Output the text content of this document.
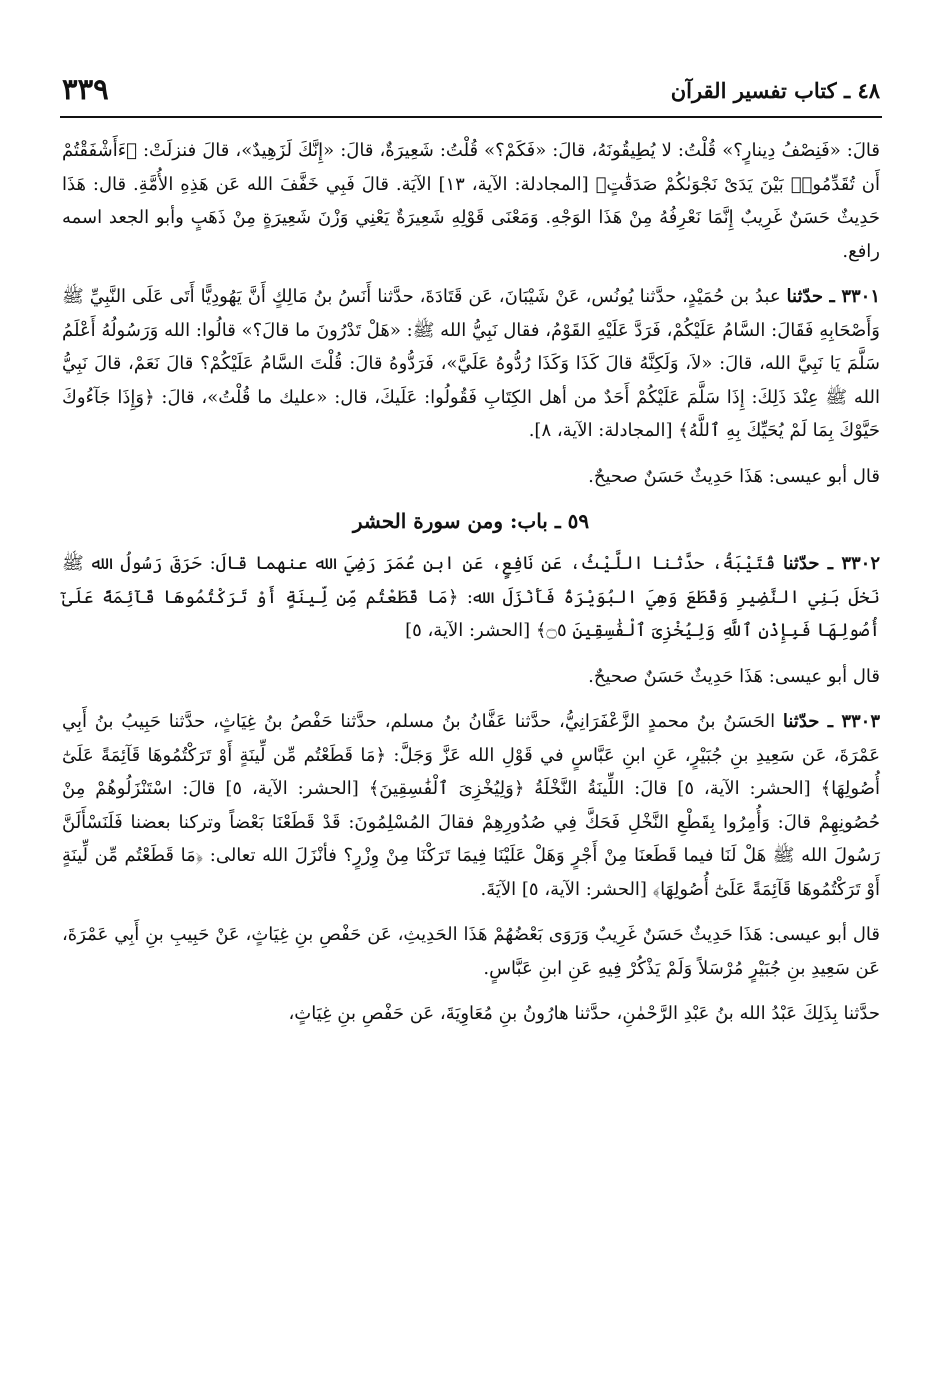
٤٨ ـ كتاب تفسير القرآن
٣٣٩

قالَ: «فَنِصْفُ دِينارٍ؟» قُلْتُ: لا يُطِيقُونَهُ، قالَ: «فَكَمْ؟» قُلْتُ: شَعِيرَةٌ، قالَ: «إِنَّكَ لَزَهِيدٌ»، قالَ فنزلَتْ: ﴿ءَأَشْفَقْتُمْ أَن تُقَدِّمُوا۟ بَيْنَ يَدَىْ نَجْوَىٰكُمْ صَدَقَٰتٍ﴾ [المجادلة: الآية، ١٣] الآيَة. قالَ فَبِي خَفَّفَ الله عَن هَذِهِ الأُمَّةِ. قال: هَذَا حَدِيثٌ حَسَنٌ غَرِيبٌ إِنَّمَا نَعْرِفُهُ مِنْ هَذَا الوَجْهِ. وَمَعْنَى قَوْلِهِ شَعِيرَةٌ يَعْنِي وَزْنَ شَعِيرَةٍ مِنْ ذَهَبٍ وأبو الجعد اسمه رافع.

٣٣٠١ ـ حدّثنا عبدُ بن حُمَيْدٍ، حدَّثنا يُونُس، عَنْ شَيْبَانَ، عَن قَتَادَةَ، حدَّثنا أَنَسُ بنُ مَالِكٍ أَنَّ يَهُودِيًّا أَتَى عَلَى النَّبِيِّ ﷺ وَأَصْحَابِهِ فَقَالَ: السَّامُ عَلَيْكُمْ، فَرَدَّ عَلَيْهِ القَوْمُ، فقال نَبِيُّ الله ﷺ: «هَلْ تَدْرُونَ ما قالَ؟» قالُوا: الله وَرَسُولُهُ أَعْلَمُ سَلَّمَ يَا نَبِيَّ الله، قالَ: «لاَ، وَلَكِنَّهُ قالَ كَذَا وَكَذَا رُدُّوهُ عَلَيَّ»، فَرَدُّوهُ قالَ: قُلْتَ السَّامُ عَلَيْكُمْ؟ قالَ نَعَمْ، قالَ نَبِيُّ الله ﷺ عِنْدَ ذَلِكَ: إِذَا سَلَّمَ عَلَيْكُمْ أَحَدٌ من أهل الكِتَابِ فَقُولُوا: عَلَيكَ، قال: «عليك ما قُلْتُ»، قالَ: ﴿وَإِذَا جَآءُوكَ حَيَّوْكَ بِمَا لَمْ يُحَيِّكَ بِهِ ٱللَّهُ﴾ [المجادلة: الآية، ٨].

قال أبو عيسى: هَذَا حَدِيثٌ حَسَنٌ صحيحٌ.

٥٩ ـ باب: ومن سورة الحشر

٣٣٠٢ ـ حدّثنا قُتَيْبَةُ، حدَّثنا اللَّيْثُ، عَن نَافِعٍ، عَنِ ابنِ عُمَرَ رَضِيَ الله عنهما قالَ: حَرَقَ رَسُولُ الله ﷺ نَخلَ بَنِي النَّضِيرِ وَقَطَعَ وَهِيَ البُوَيْرَةُ فَأَنْزَلَ الله: ﴿مَا قَطَعْتُم مِّن لِّينَةٍ أَوْ تَرَكْتُمُوهَا قَآئِمَةً عَلَىٰٓ أُصُولِهَا فَبِإِذْنِ ٱللَّهِ وَلِيُخْزِىَ ٱلْفَٰسِقِينَ ۝٥﴾ [الحشر: الآية، ٥]

قال أبو عيسى: هَذَا حَدِيثٌ حَسَنٌ صحيحٌ.

٣٣٠٣ ـ حدّثنا الحَسَنُ بنُ محمدٍ الزَّعْفَرَانِيُّ، حدَّثنا عَفَّانُ بنُ مسلم، حدَّثنا حَفْصُ بنُ غِيَاثٍ، حدَّثنا حَبِيبُ بنُ أَبِي عَمْرَةَ، عَن سَعِيدِ بنِ جُبَيْرٍ، عَنِ ابنِ عَبَّاسٍ في قَوْلِ الله عَزَّ وَجَلَّ: ﴿مَا قَطَعْتُم مِّن لِّينَةٍ أَوْ تَرَكْتُمُوهَا قَآئِمَةً عَلَىٰٓ أُصُولِهَا﴾ [الحشر: الآية، ٥] قالَ: اللِّينَةُ النَّخْلَةُ ﴿وَلِيُخْزِىَ ٱلْفَٰسِقِينَ﴾ [الحشر: الآية، ٥] قالَ: اسْتَنْزَلُوهُمْ مِنْ حُصُونِهِمْ قالَ: وَأُمِرُوا بِقَطْعِ النَّخْلِ فَحَكَّ فِي صُدُورِهِمْ فقالَ المُسْلِمُونَ: قَدْ قَطَعْنَا بَعْضاً وتركنا بعضنا فَلَنَسْأَلَنَّ رَسُولَ الله ﷺ هَلْ لَنَا فيما قَطَعنَا مِنْ أَجْرٍ وَهَلْ عَلَيْنَا فِيمَا تَرَكْنَا مِنْ وِزْرٍ؟ فأنْزَلَ الله تعالى: ﴿مَا قَطَعْتُم مِّن لِّينَةٍ أَوْ تَرَكْتُمُوهَا قَآئِمَةً عَلَىٰٓ أُصُولِهَا﴾ [الحشر: الآية، ٥] الآيَةَ.

قال أبو عيسى: هَذَا حَدِيثٌ حَسَنٌ غَرِيبٌ وَرَوَى بَعْضُهُمْ هَذَا الحَدِيثِ، عَن حَفْصِ بنِ غِيَاثٍ، عَنْ حَبِيبِ بنِ أَبِي عَمْرَةَ، عَن سَعِيدِ بنِ جُبَيْرٍ مُرْسَلاً وَلَمْ يَذْكُرْ فِيهِ عَنِ ابنِ عَبَّاسٍ.

حدَّثنا بِذَلِكَ عَبْدُ الله بنُ عَبْدِ الرَّحْمٰنِ، حدَّثنا هارُونُ بنِ مُعَاوِيَةَ، عَن حَفْصِ بنِ غِيَاثٍ،
